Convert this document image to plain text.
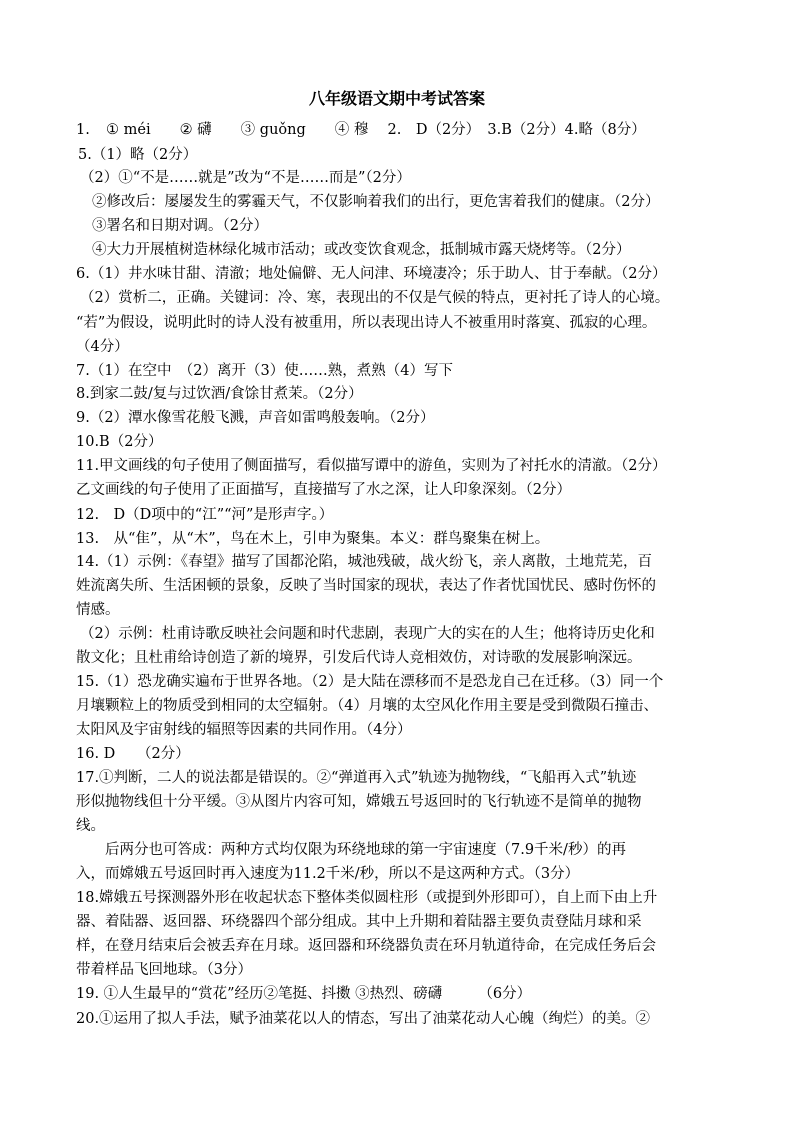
八年级语文期中考试答案
1. ① méi　　② 礴　　③ guǒng　　④ 穆　 2.　D（2分）　3.B（2分）4.略（8分）
5.（1）略（2分）
（2）①“不是……就是”改为“不是……而是”（2分）
②修改后：屡屡发生的雾霾天气，不仅影响着我们的出行，更危害着我们的健康。（2分）
③署名和日期对调。（2分）
④大力开展植树造林绿化城市活动；或改变饮食观念，抵制城市露天烧烤等。（2分）
6.（1）井水味甘甜、清澈；地处偏僻、无人问津、环境凄冷；乐于助人、甘于奉献。（2分）
（2）赏析二，正确。关键词：冷、寒，表现出的不仅是气候的特点，更衬托了诗人的心境。
“若”为假设，说明此时的诗人没有被重用，所以表现出诗人不被重用时落寞、孤寂的心理。
（4分）
7.（1）在空中　（2）离开（3）使……熟，煮熟（4）写下
8.到家二鼓/复与过饮酒/食馀甘煮茉。（2分）
9.（2）潭水像雪花般飞溅，声音如雷鸣般轰响。（2分）
10.B（2分）
11.甲文画线的句子使用了侧面描写，看似描写谭中的游鱼，实则为了衬托水的清澈。（2分）
乙文画线的句子使用了正面描写，直接描写了水之深，让人印象深刻。（2分）
12.　D（D项中的“江”“河”是形声字。）
13.　从“隹”，从“木”，鸟在木上，引申为聚集。本义：群鸟聚集在树上。
14.（1）示例：《春望》描写了国都沦陷，城池残破，战火纷飞，亲人离散，土地荒芜，百
姓流离失所、生活困顿的景象，反映了当时国家的现状，表达了作者忧国忧民、感时伤怀的
情感。
（2）示例：杜甫诗歌反映社会问题和时代悲剧，表现广大的实在的人生；他将诗历史化和
散文化；且杜甫给诗创造了新的境界，引发后代诗人竞相效仿，对诗歌的发展影响深远。
15.（1）恐龙确实遍布于世界各地。（2）是大陆在漂移而不是恐龙自己在迁移。（3）同一个
月壤颗粒上的物质受到相同的太空辐射。（4）月壤的太空风化作用主要是受到微陨石撞击、
太阳风及宇宙射线的辐照等因素的共同作用。（4分）
16. D　　（2分）
17.①判断，二人的说法都是错误的。②“弹道再入式”轨迹为抛物线，“飞船再入式”轨迹
形似抛物线但十分平缓。③从图片内容可知，嫦娥五号返回时的飞行轨迹不是简单的抛物
线。
　　后两分也可答成：两种方式均仅限为环绕地球的第一宇宙速度（7.9千米/秒）的再
入，而嫦娥五号返回时再入速度为11.2千米/秒，所以不是这两种方式。（3分）
18.嫦娥五号探测器外形在收起状态下整体类似圆柱形（或提到外形即可），自上而下由上升
器、着陆器、返回器、环绕器四个部分组成。其中上升期和着陆器主要负责登陆月球和采
样，在登月结束后会被丢弃在月球。返回器和环绕器负责在环月轨道待命，在完成任务后会
带着样品飞回地球。（3分）
19. ①人生最早的“赏花”经历②笔挺、抖擞 ③热烈、磅礴　　　（6分）
20.①运用了拟人手法，赋予油菜花以人的情态，写出了油菜花动人心魄（绚烂）的美。②
